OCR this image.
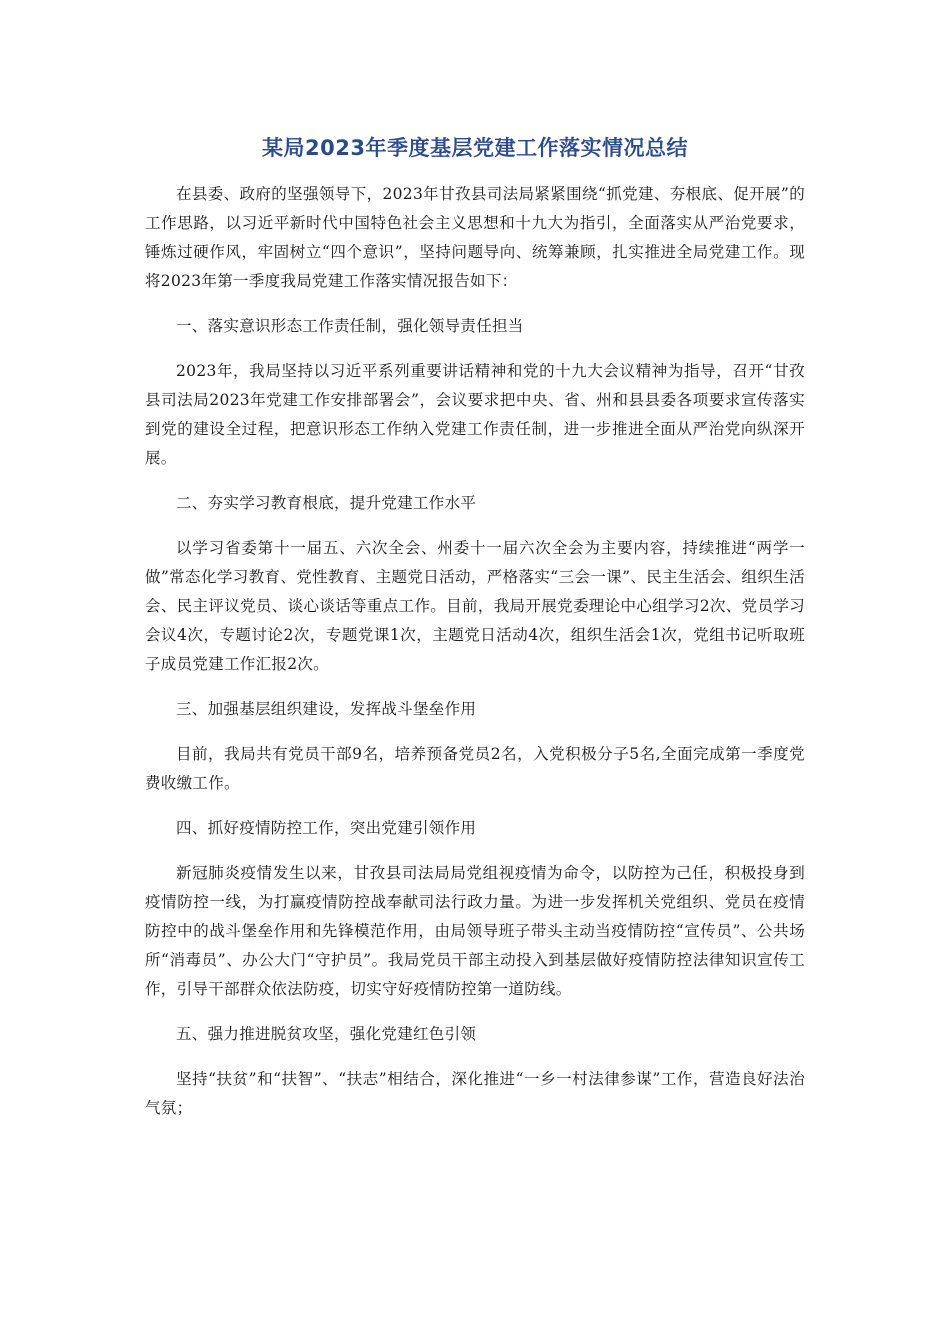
某局2023年季度基层党建工作落实情况总结

在县委、政府的坚强领导下，2023年甘孜县司法局紧紧围绕“抓党建、夯根底、促开展”的工作思路，以习近平新时代中国特色社会主义思想和十九大为指引，全面落实从严治党要求，锤炼过硬作风，牢固树立“四个意识”，坚持问题导向、统筹兼顾，扎实推进全局党建工作。现将2023年第一季度我局党建工作落实情况报告如下：

一、落实意识形态工作责任制，强化领导责任担当

2023年，我局坚持以习近平系列重要讲话精神和党的十九大会议精神为指导，召开“甘孜县司法局2023年党建工作安排部署会”，会议要求把中央、省、州和县县委各项要求宣传落实到党的建设全过程，把意识形态工作纳入党建工作责任制，进一步推进全面从严治党向纵深开展。

二、夯实学习教育根底，提升党建工作水平

以学习省委第十一届五、六次全会、州委十一届六次全会为主要内容，持续推进“两学一做”常态化学习教育、党性教育、主题党日活动，严格落实“三会一课”、民主生活会、组织生活会、民主评议党员、谈心谈话等重点工作。目前，我局开展党委理论中心组学习2次、党员学习会议4次，专题讨论2次，专题党课1次，主题党日活动4次，组织生活会1次，党组书记听取班子成员党建工作汇报2次。

三、加强基层组织建设，发挥战斗堡垒作用

目前，我局共有党员干部9名，培养预备党员2名，入党积极分子5名,全面完成第一季度党费收缴工作。

四、抓好疫情防控工作，突出党建引领作用

新冠肺炎疫情发生以来，甘孜县司法局局党组视疫情为命令，以防控为己任，积极投身到疫情防控一线，为打赢疫情防控战奉献司法行政力量。为进一步发挥机关党组织、党员在疫情防控中的战斗堡垒作用和先锋模范作用，由局领导班子带头主动当疫情防控“宣传员”、公共场所“消毒员”、办公大门“守护员”。我局党员干部主动投入到基层做好疫情防控法律知识宣传工作，引导干部群众依法防疫，切实守好疫情防控第一道防线。

五、强力推进脱贫攻坚，强化党建红色引领

坚持“扶贫”和“扶智”、“扶志”相结合，深化推进“一乡一村法律参谋”工作，营造良好法治气氛；
